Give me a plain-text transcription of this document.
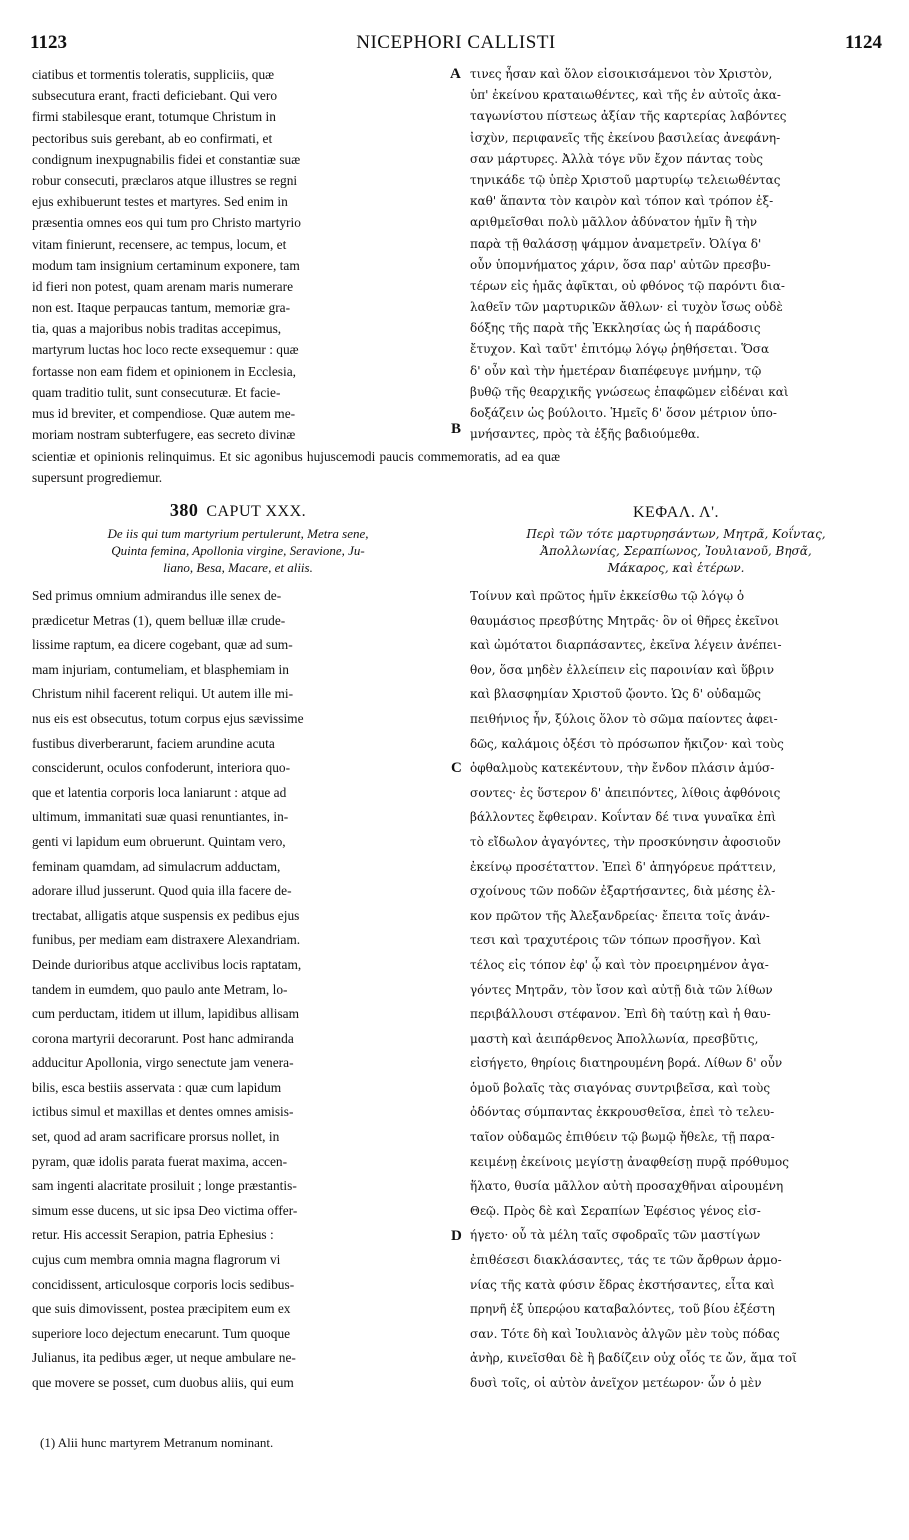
1123	NICEPHORI CALLISTI	1124
ciatibus et tormentis toleratis, suppliciis, quæ
subsecutura erant, fracti deficiebant. Qui vero
firmi stabilesque erant, totumque Christum in
pectoribus suis gerebant, ab eo confirmati, et
condignum inexpugnabilis fidei et constantiæ suæ
robur consecuti, præclaros atque illustres se regni
ejus exhibuerunt testes et martyres. Sed enim in
præsentia omnes eos qui tum pro Christo martyrio
vitam finierunt, recensere, ac tempus, locum, et
modum tam insignium certaminum exponere, tam
id fieri non potest, quam arenam maris numerare
non est. Itaque perpaucas tantum, memoriæ gra-
tia, quas a majoribus nobis traditas accepimus,
martyrum luctas hoc loco recte exsequemur : quæ
fortasse non eam fidem et opinionem in Ecclesia,
quam traditio tulit, sunt consecuturæ. Et facie-
mus id breviter, et compendiose. Quæ autem me-
moriam nostram subterfugere, eas secreto divinæ
τινες ἦσαν καὶ ὅλον εἰσοικισάμενοι τὸν Χριστὸν,
ὑπ' ἐκείνου κραταιωθέντες, καὶ τῆς ἐν αὐτοῖς ἀκα-
ταγωνίστου πίστεως ἀξίαν τῆς καρτερίας λαβόντες
ἰσχὺν, περιφανεῖς τῆς ἐκείνου βασιλείας ἀνεφάνη-
σαν μάρτυρες. Ἀλλὰ τόγε νῦν ἔχον πάντας τοὺς
τηνικάδε τῷ ὑπὲρ Χριστοῦ μαρτυρίῳ τελειωθέντας
καθ' ἅπαντα τὸν καιρὸν καὶ τόπον καὶ τρόπον ἐξ-
αριθμεῖσθαι πολὺ μᾶλλον ἀδύνατον ἡμῖν ἢ τὴν
παρὰ τῇ θαλάσσῃ ψάμμον ἀναμετρεῖν. Ὀλίγα δ'
οὖν ὑπομνήματος χάριν, ὅσα παρ' αὐτῶν πρεσβυ-
τέρων εἰς ἡμᾶς ἀφῖκται, οὐ φθόνος τῷ παρόντι δια-
λαθεῖν τῶν μαρτυρικῶν ἄθλων· εἰ τυχὸν ἴσως οὐδὲ
δόξης τῆς παρὰ τῆς Ἐκκλησίας ὡς ἡ παράδοσις
ἔτυχον. Καὶ ταῦτ' ἐπιτόμῳ λόγῳ ῥηθήσεται. Ὅσα
δ' οὖν καὶ τὴν ἡμετέραν διαπέφευγε μνήμην, τῷ
βυθῷ τῆς θεαρχικῆς γνώσεως ἐπαφῶμεν εἰδέναι καὶ
δοξάζειν ὡς βούλοιτο. Ἡμεῖς δ' ὅσον μέτριον ὑπο-
μνήσαντες, πρὸς τὰ ἑξῆς βαδιούμεθα.
A
B
C
D
scientiæ et opinionis relinquimus. Et sic agonibus hujuscemodi paucis commemoratis, ad ea quæ
supersunt progrediemur.
380 CAPUT XXX.
De iis qui tum martyrium pertulerunt, Metra sene,
Quinta femina, Apollonia virgine, Seravione, Ju-
liano, Besa, Macare, et aliis.
ΚΕΦΑΛ. Λ'.
Περὶ τῶν τότε μαρτυρησάντων, Μητρᾶ, Κοΐντας,
Ἀπολλωνίας, Σεραπίωνος, Ἰουλιανοῦ, Βησᾶ,
Μάκαρος, καὶ ἑτέρων.
Sed primus omnium admirandus ille senex de-
prædicetur Metras (1), quem belluæ illæ crude-
lissime raptum, ea dicere cogebant, quæ ad sum-
mam injuriam, contumeliam, et blasphemiam in
Christum nihil facerent reliqui. Ut autem ille mi-
nus eis est obsecutus, totum corpus ejus sævissime
fustibus diverberarunt, faciem arundine acuta
consciderunt, oculos confoderunt, interiora quo-
que et latentia corporis loca laniarunt : atque ad
ultimum, immanitati suæ quasi renuntiantes, in-
genti vi lapidum eum obruerunt. Quintam vero,
feminam quamdam, ad simulacrum adductam,
adorare illud jusserunt. Quod quia illa facere de-
trectabat, alligatis atque suspensis ex pedibus ejus
funibus, per mediam eam distraxere Alexandriam.
Deinde durioribus atque acclivibus locis raptatam,
tandem in eumdem, quo paulo ante Metram, lo-
cum perductam, itidem ut illum, lapidibus allisam
corona martyrii decorarunt. Post hanc admiranda
adducitur Apollonia, virgo senectute jam venera-
bilis, esca bestiis asservata : quæ cum lapidum
ictibus simul et maxillas et dentes omnes amisis-
set, quod ad aram sacrificare prorsus nollet, in
pyram, quæ idolis parata fuerat maxima, accen-
sam ingenti alacritate prosiluit ; longe præstantis-
simum esse ducens, ut sic ipsa Deo victima offer-
retur. His accessit Serapion, patria Ephesius :
cujus cum membra omnia magna flagrorum vi
concidissent, articulosque corporis locis sedibus-
que suis dimovissent, postea præcipitem eum ex
superiore loco dejectum enecarunt. Tum quoque
Julianus, ita pedibus æger, ut neque ambulare ne-
que movere se posset, cum duobus aliis, qui eum
Τοίνυν καὶ πρῶτος ἡμῖν ἐκκείσθω τῷ λόγῳ ὁ
θαυμάσιος πρεσβύτης Μητρᾶς· ὃν οἱ θῆρες ἐκεῖνοι
καὶ ὠμότατοι διαρπάσαντες, ἐκεῖνα λέγειν ἀνέπει-
θον, ὅσα μηδὲν ἐλλείπειν εἰς παροινίαν καὶ ὕβριν
καὶ βλασφημίαν Χριστοῦ ᾤοντο. Ὡς δ' οὐδαμῶς
πειθήνιος ἦν, ξύλοις ὅλον τὸ σῶμα παίοντες ἀφει-
δῶς, καλάμοις ὀξέσι τὸ πρόσωπον ἤκιζον· καὶ τοὺς
ὀφθαλμοὺς κατεκέντουν, τὴν ἔνδον πλάσιν ἀμύσ-
σοντες· ἐς ὕστερον δ' ἀπειπόντες, λίθοις ἀφθόνοις
βάλλοντες ἔφθειραν. Κοΐνταν δέ τινα γυναῖκα ἐπὶ
τὸ εἴδωλον ἀγαγόντες, τὴν προσκύνησιν ἀφοσιοῦν
ἐκείνῳ προσέταττον. Ἐπεὶ δ' ἀπηγόρευε πράττειν,
σχοίνους τῶν ποδῶν ἐξαρτήσαντες, διὰ μέσης ἐλ-
κον πρῶτον τῆς Ἀλεξανδρείας· ἔπειτα τοῖς ἀνάν-
τεσι καὶ τραχυτέροις τῶν τόπων προσῆγον. Καὶ
τέλος εἰς τόπον ἐφ' ᾧ καὶ τὸν προειρημένον ἀγα-
γόντες Μητρᾶν, τὸν ἴσον καὶ αὐτῇ διὰ τῶν λίθων
περιβάλλουσι στέφανον. Ἐπὶ δὴ ταύτῃ καὶ ἡ θαυ-
μαστὴ καὶ ἀειπάρθενος Ἀπολλωνία, πρεσβῦτις,
εἰσήγετο, θηρίοις διατηρουμένη βορά. Λίθων δ' οὖν
ὁμοῦ βολαῖς τὰς σιαγόνας συντριβεῖσα, καὶ τοὺς
ὀδόντας σύμπαντας ἐκκρουσθεῖσα, ἐπεὶ τὸ τελευ-
ταῖον οὐδαμῶς ἐπιθύειν τῷ βωμῷ ἤθελε, τῇ παρα-
κειμένῃ ἐκείνοις μεγίστῃ ἀναφθείσῃ πυρᾷ πρόθυμος
ἥλατο, θυσία μᾶλλον αὐτὴ προσαχθῆναι αἱρουμένη
Θεῷ. Πρὸς δὲ καὶ Σεραπίων Ἐφέσιος γένος εἰσ-
ήγετο· οὗ τὰ μέλη ταῖς σφοδραῖς τῶν μαστίγων
ἐπιθέσεσι διακλάσαντες, τάς τε τῶν ἄρθρων ἁρμο-
νίας τῆς κατὰ φύσιν ἕδρας ἐκστήσαντες, εἶτα καὶ
πρηνῆ ἐξ ὑπερῴου καταβαλόντες, τοῦ βίου ἐξέστη
σαν. Τότε δὴ καὶ Ἰουλιανὸς ἀλγῶν μὲν τοὺς πόδας
ἀνὴρ, κινεῖσθαι δὲ ἢ βαδίζειν οὐχ οἷός τε ὤν, ἅμα τοῖ
δυσὶ τοῖς, οἱ αὐτὸν ἀνεῖχον μετέωρον· ὧν ὁ μὲν
(1) Alii hunc martyrem Metranum nominant.
